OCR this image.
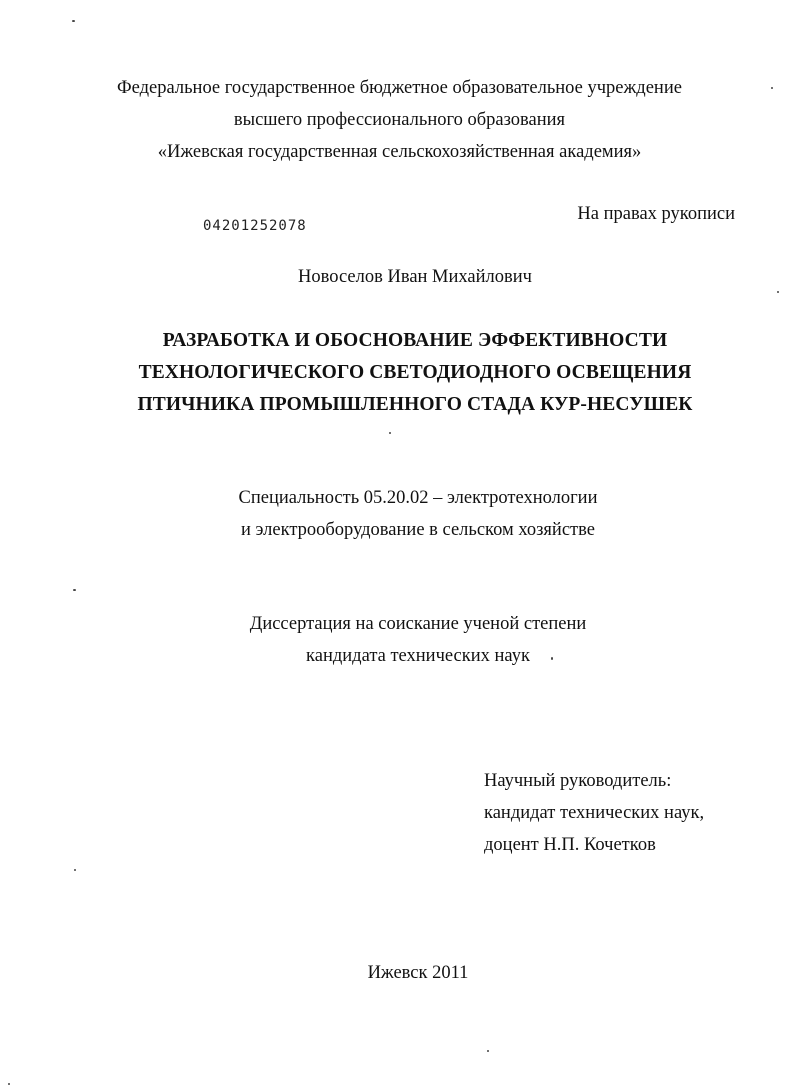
Федеральное государственное бюджетное образовательное учреждение
высшего профессионального образования
«Ижевская государственная сельскохозяйственная академия»
04201252078
На правах рукописи
Новоселов Иван Михайлович
РАЗРАБОТКА И ОБОСНОВАНИЕ ЭФФЕКТИВНОСТИ
ТЕХНОЛОГИЧЕСКОГО СВЕТОДИОДНОГО ОСВЕЩЕНИЯ
ПТИЧНИКА ПРОМЫШЛЕННОГО СТАДА КУР-НЕСУШЕК
Специальность 05.20.02 – электротехнологии
и электрооборудование в сельском хозяйстве
Диссертация на соискание ученой степени
кандидата технических наук
Научный руководитель:
кандидат технических наук,
доцент Н.П. Кочетков
Ижевск 2011
